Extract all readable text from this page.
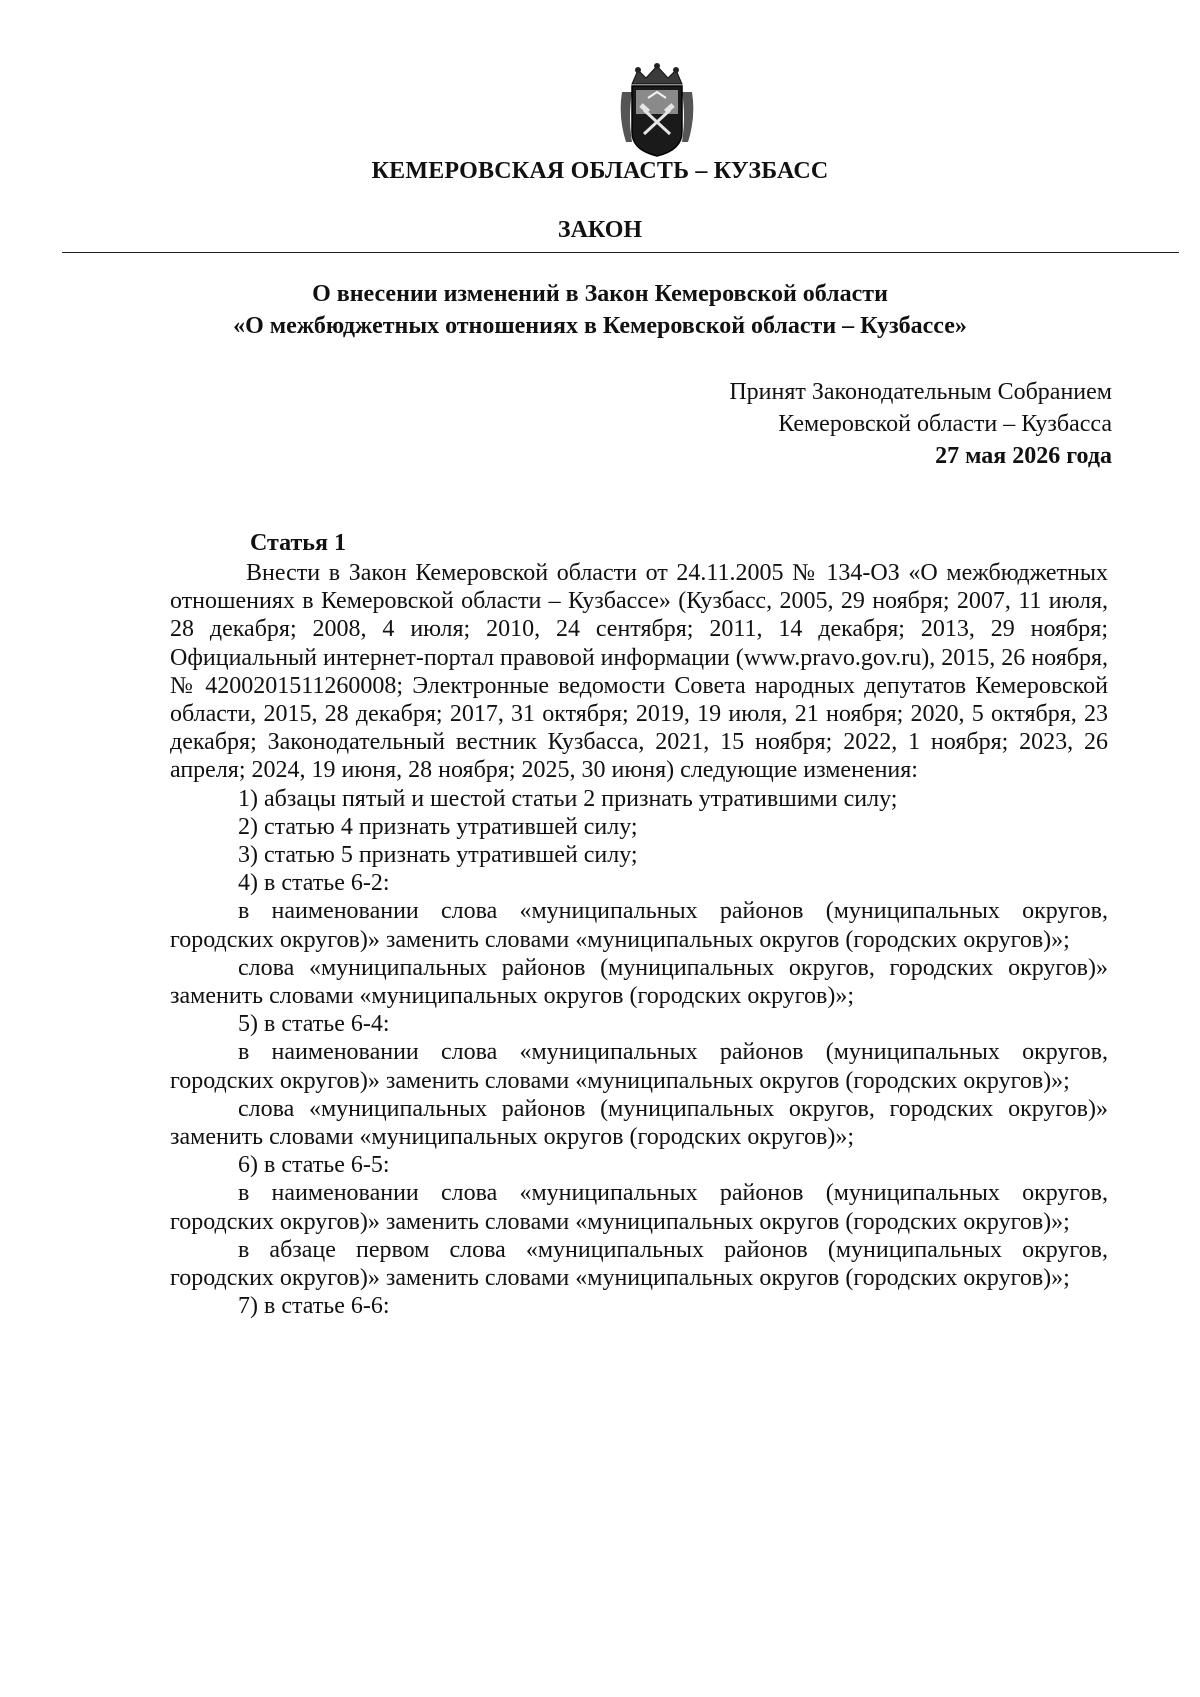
КЕМЕРОВСКАЯ ОБЛАСТЬ – КУЗБАСС
ЗАКОН
О внесении изменений в Закон Кемеровской области
«О межбюджетных отношениях в Кемеровской области – Кузбассе»
Принят Законодательным Собранием
Кемеровской области – Кузбасса
27 мая 2026 года
Статья 1

Внести в Закон Кемеровской области от 24.11.2005 № 134-ОЗ «О межбюджетных отношениях в Кемеровской области – Кузбассе» (Кузбасс, 2005, 29 ноября; 2007, 11 июля, 28 декабря; 2008, 4 июля; 2010, 24 сентября; 2011, 14 декабря; 2013, 29 ноября; Официальный интернет-портал правовой информации (www.pravo.gov.ru), 2015, 26 ноября, № 4200201511260008; Электронные ведомости Совета народных депутатов Кемеровской области, 2015, 28 декабря; 2017, 31 октября; 2019, 19 июля, 21 ноября; 2020, 5 октября, 23 декабря; Законодательный вестник Кузбасса, 2021, 15 ноября; 2022, 1 ноября; 2023, 26 апреля; 2024, 19 июня, 28 ноября; 2025, 30 июня) следующие изменения:

1) абзацы пятый и шестой статьи 2 признать утратившими силу;

2) статью 4 признать утратившей силу;

3) статью 5 признать утратившей силу;

4) в статье 6-2:

в наименовании слова «муниципальных районов (муниципальных округов, городских округов)» заменить словами «муниципальных округов (городских округов)»;

слова «муниципальных районов (муниципальных округов, городских округов)» заменить словами «муниципальных округов (городских округов)»;

5) в статье 6-4:

в наименовании слова «муниципальных районов (муниципальных округов, городских округов)» заменить словами «муниципальных округов (городских округов)»;

слова «муниципальных районов (муниципальных округов, городских округов)» заменить словами «муниципальных округов (городских округов)»;

6) в статье 6-5:

в наименовании слова «муниципальных районов (муниципальных округов, городских округов)» заменить словами «муниципальных округов (городских округов)»;

в абзаце первом слова «муниципальных районов (муниципальных округов, городских округов)» заменить словами «муниципальных округов (городских округов)»;

7) в статье 6-6:
